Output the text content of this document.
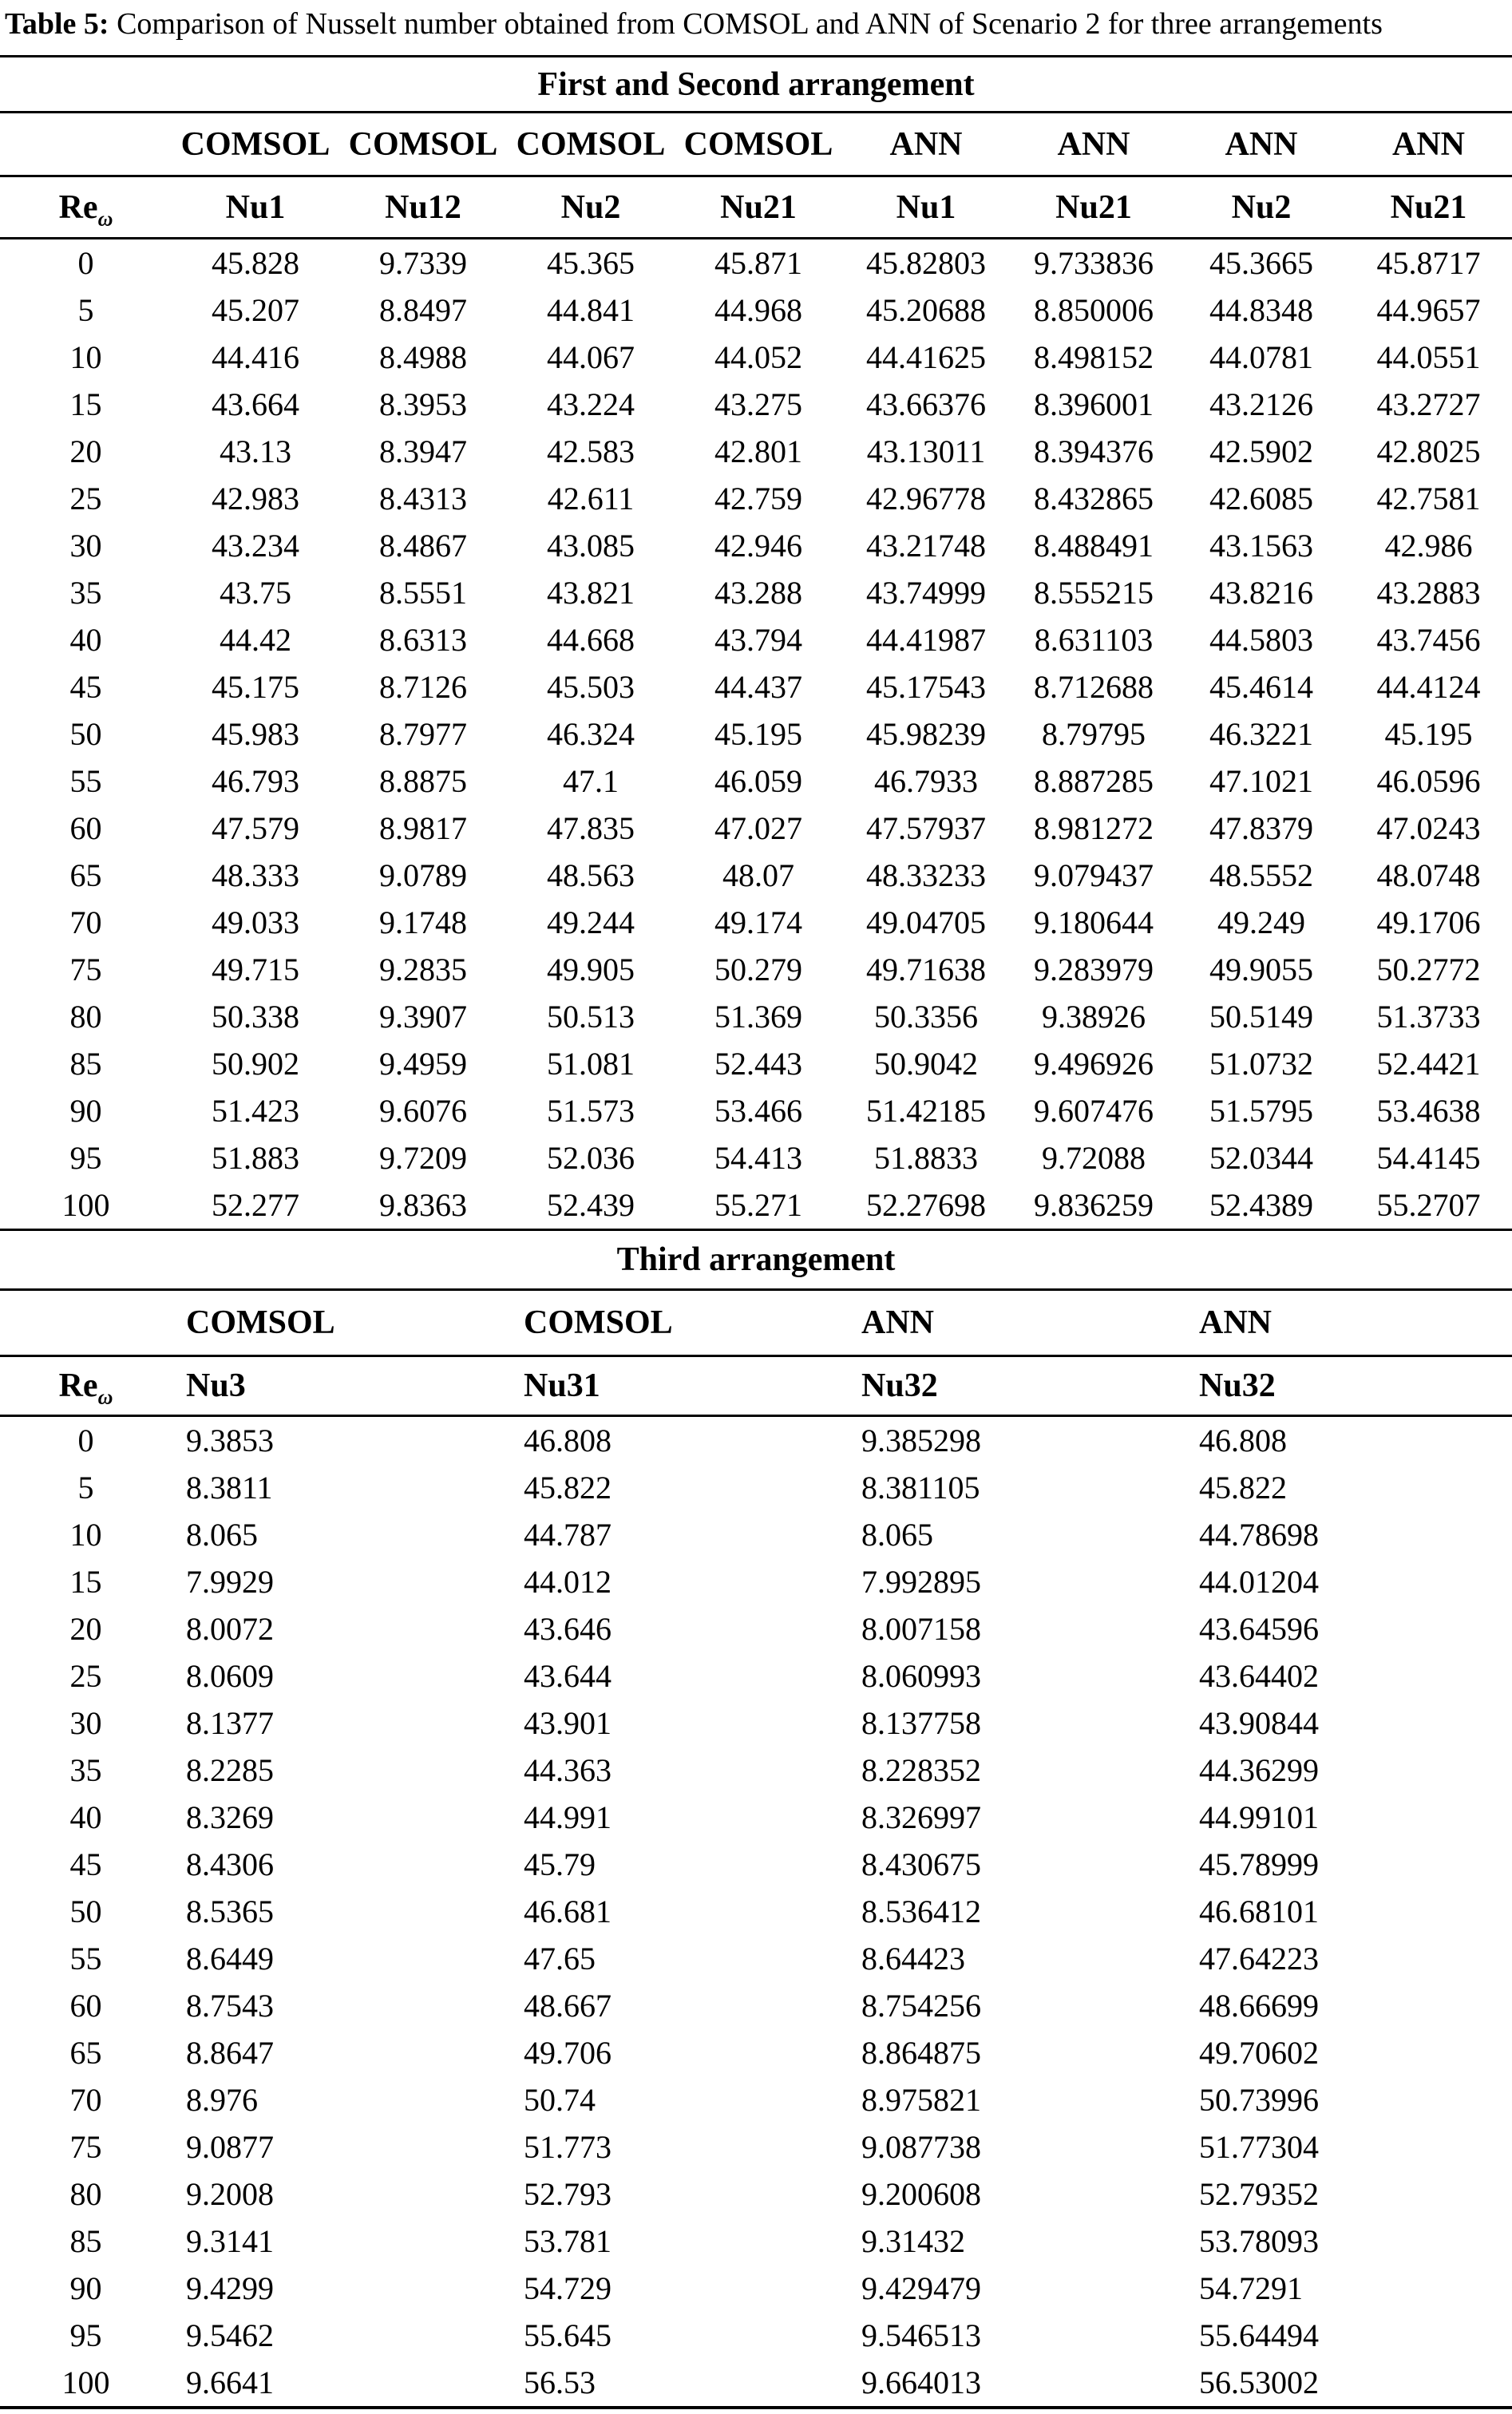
Table 5: Comparison of Nusselt number obtained from COMSOL and ANN of Scenario 2 for three arrangements
First and Second arrangement								
	COMSOL	COMSOL	COMSOL	COMSOL	ANN	ANN	ANN	ANN
$Re_\omega$	Nu1	Nu12	Nu2	Nu21	Nu1	Nu21	Nu2	Nu21
0	45.828	9.7339	45.365	45.871	45.82803	9.733836	45.3665	45.8717
5	45.207	8.8497	44.841	44.968	45.20688	8.850006	44.8348	44.9657
10	44.416	8.4988	44.067	44.052	44.41625	8.498152	44.0781	44.0551
15	43.664	8.3953	43.224	43.275	43.66376	8.396001	43.2126	43.2727
20	43.13	8.3947	42.583	42.801	43.13011	8.394376	42.5902	42.8025
25	42.983	8.4313	42.611	42.759	42.96778	8.432865	42.6085	42.7581
30	43.234	8.4867	43.085	42.946	43.21748	8.488491	43.1563	42.986
35	43.75	8.5551	43.821	43.288	43.74999	8.555215	43.8216	43.2883
40	44.42	8.6313	44.668	43.794	44.41987	8.631103	44.5803	43.7456
45	45.175	8.7126	45.503	44.437	45.17543	8.712688	45.4614	44.4124
50	45.983	8.7977	46.324	45.195	45.98239	8.79795	46.3221	45.195
55	46.793	8.8875	47.1	46.059	46.7933	8.887285	47.1021	46.0596
60	47.579	8.9817	47.835	47.027	47.57937	8.981272	47.8379	47.0243
65	48.333	9.0789	48.563	48.07	48.33233	9.079437	48.5552	48.0748
70	49.033	9.1748	49.244	49.174	49.04705	9.180644	49.249	49.1706
75	49.715	9.2835	49.905	50.279	49.71638	9.283979	49.9055	50.2772
80	50.338	9.3907	50.513	51.369	50.3356	9.38926	50.5149	51.3733
85	50.902	9.4959	51.081	52.443	50.9042	9.496926	51.0732	52.4421
90	51.423	9.6076	51.573	53.466	51.42185	9.607476	51.5795	53.4638
95	51.883	9.7209	52.036	54.413	51.8833	9.72088	52.0344	54.4145
100	52.277	9.8363	52.439	55.271	52.27698	9.836259	52.4389	55.2707
Third arrangement				
	COMSOL	COMSOL	ANN	ANN
$Re_\omega$	Nu3	Nu31	Nu32	Nu32
0	9.3853	46.808	9.385298	46.808
5	8.3811	45.822	8.381105	45.822
10	8.065	44.787	8.065	44.78698
15	7.9929	44.012	7.992895	44.01204
20	8.0072	43.646	8.007158	43.64596
25	8.0609	43.644	8.060993	43.64402
30	8.1377	43.901	8.137758	43.90844
35	8.2285	44.363	8.228352	44.36299
40	8.3269	44.991	8.326997	44.99101
45	8.4306	45.79	8.430675	45.78999
50	8.5365	46.681	8.536412	46.68101
55	8.6449	47.65	8.64423	47.64223
60	8.7543	48.667	8.754256	48.66699
65	8.8647	49.706	8.864875	49.70602
70	8.976	50.74	8.975821	50.73996
75	9.0877	51.773	9.087738	51.77304
80	9.2008	52.793	9.200608	52.79352
85	9.3141	53.781	9.31432	53.78093
90	9.4299	54.729	9.429479	54.7291
95	9.5462	55.645	9.546513	55.64494
100	9.6641	56.53	9.664013	56.53002
